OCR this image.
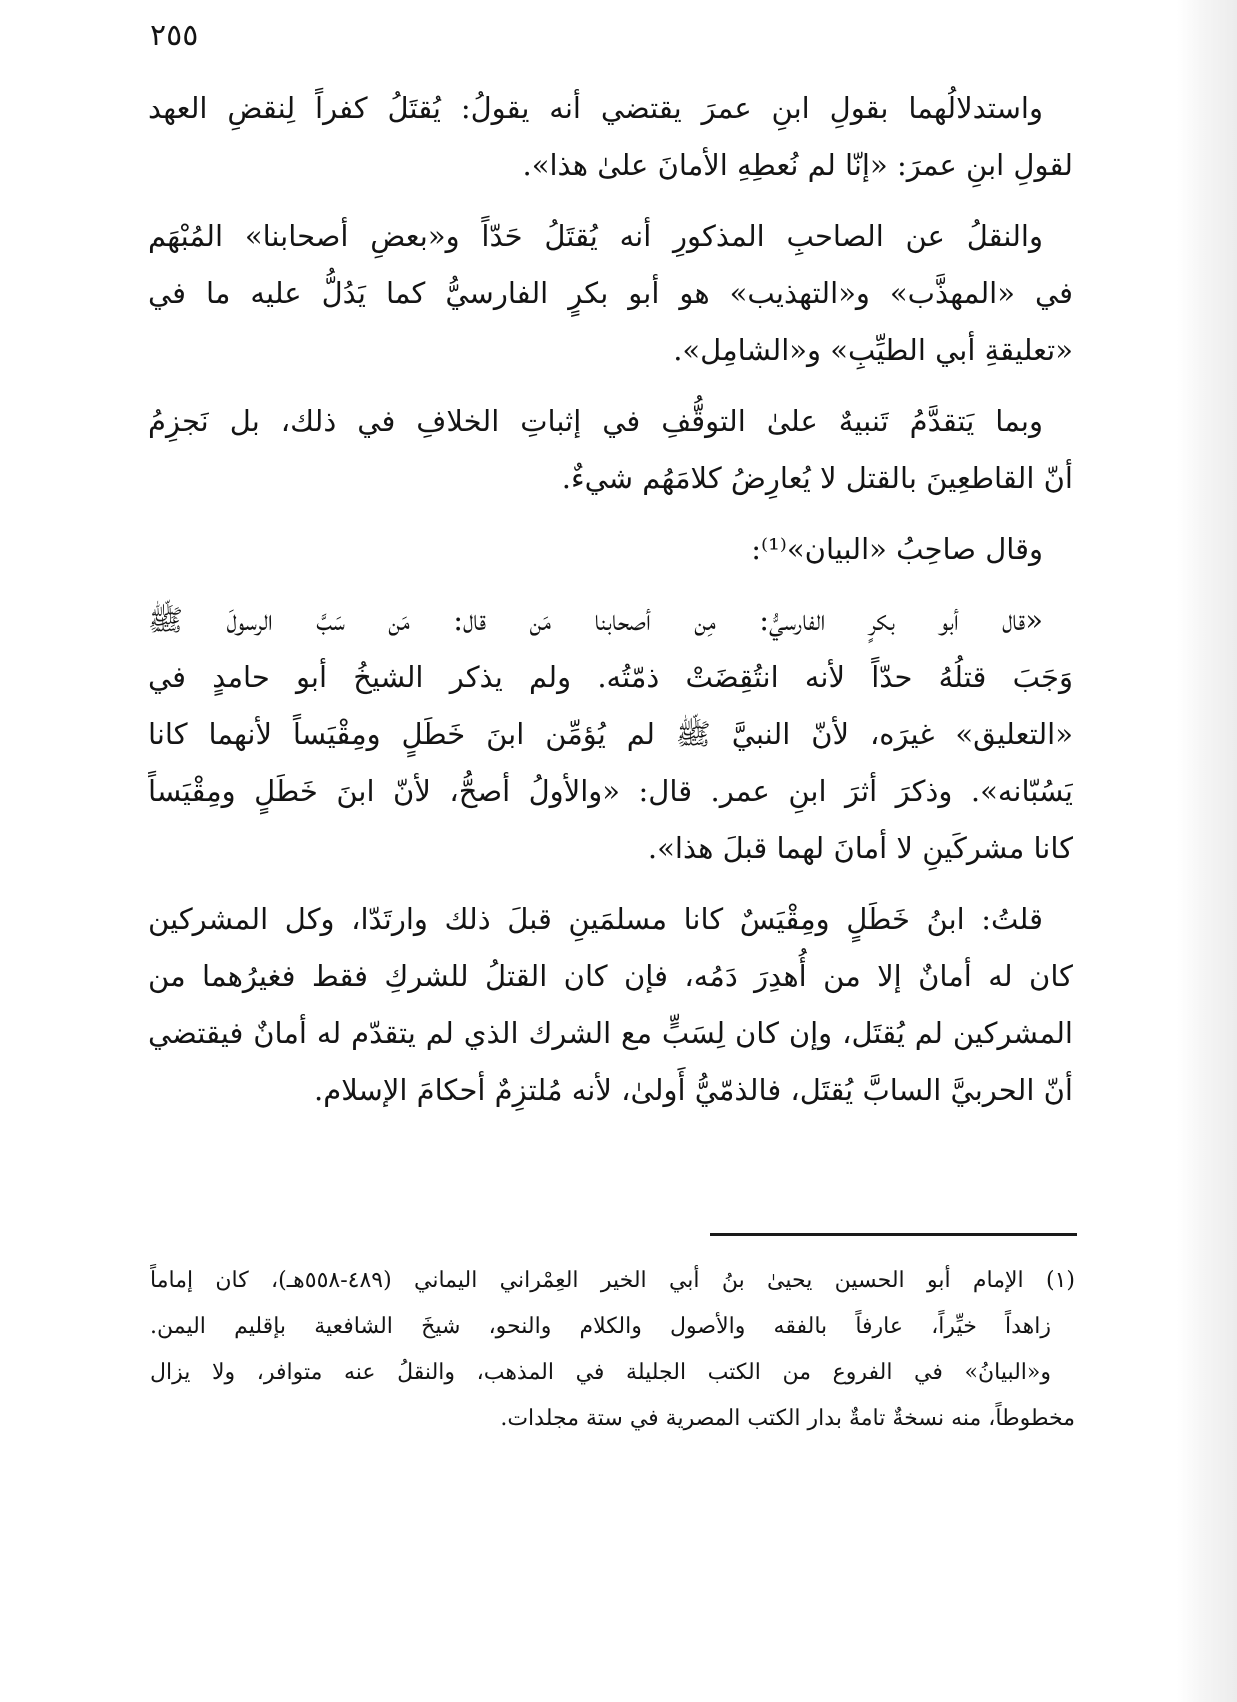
٢٥٥
واستدلالُهما بقولِ ابنِ عمرَ يقتضي أنه يقولُ: يُقتَلُ كفراً لِنقضِ العهد
لقولِ ابنِ عمرَ: «إنّا لم نُعطِهِ الأمانَ علىٰ هذا».
والنقلُ عن الصاحبِ المذكورِ أنه يُقتَلُ حَدّاً و«بعضِ أصحابنا» المُبْهَم
في «المهذَّب» و«التهذيب» هو أبو بكرٍ الفارسيُّ كما يَدُلُّ عليه ما في
«تعليقةِ أبي الطيِّبِ» و«الشامِل».
وبما يَتقدَّمُ تَنبيهٌ علىٰ التوقُّفِ في إثباتِ الخلافِ في ذلك، بل نَجزِمُ
أنّ القاطعِينَ بالقتل لا يُعارِضُ كلامَهُم شيءٌ.
وقال صاحِبُ «البيان»⁽¹⁾:
«قال أبو بكرٍ الفارسيُّ: مِن أصحابنا مَن قال: مَن سَبَّ الرسولَ ﷺ
وَجَبَ قتلُهُ حدّاً لأنه انتُقِضَتْ ذمّتُه. ولم يذكر الشيخُ أبو حامدٍ في
«التعليق» غيرَه، لأنّ النبيَّ ﷺ لم يُؤمِّن ابنَ خَطَلٍ ومِقْيَساً لأنهما كانا
يَسُبّانه». وذكرَ أثرَ ابنِ عمر. قال: «والأولُ أصحُّ، لأنّ ابنَ خَطَلٍ ومِقْيَساً
كانا مشركَينِ لا أمانَ لهما قبلَ هذا».
قلتُ: ابنُ خَطَلٍ ومِقْيَسٌ كانا مسلمَينِ قبلَ ذلك وارتَدّا، وكل المشركين
كان له أمانٌ إلا من أُهدِرَ دَمُه، فإن كان القتلُ للشركِ فقط فغيرُهما من
المشركين لم يُقتَل، وإن كان لِسَبٍّ مع الشرك الذي لم يتقدّم له أمانٌ فيقتضي
أنّ الحربيَّ السابَّ يُقتَل، فالذمّيُّ أَولىٰ، لأنه مُلتزِمٌ أحكامَ الإسلام.
(١) الإمام أبو الحسين يحيىٰ بنُ أبي الخير العِمْراني اليماني (٤٨٩-٥٥٨هـ)، كان إماماً
زاهداً خيِّراً، عارفاً بالفقه والأصول والكلام والنحو، شيخَ الشافعية بإقليم اليمن.
و«البيانُ» في الفروع من الكتب الجليلة في المذهب، والنقلُ عنه متوافر، ولا يزال
مخطوطاً، منه نسخةٌ تامةٌ بدار الكتب المصرية في ستة مجلدات.
